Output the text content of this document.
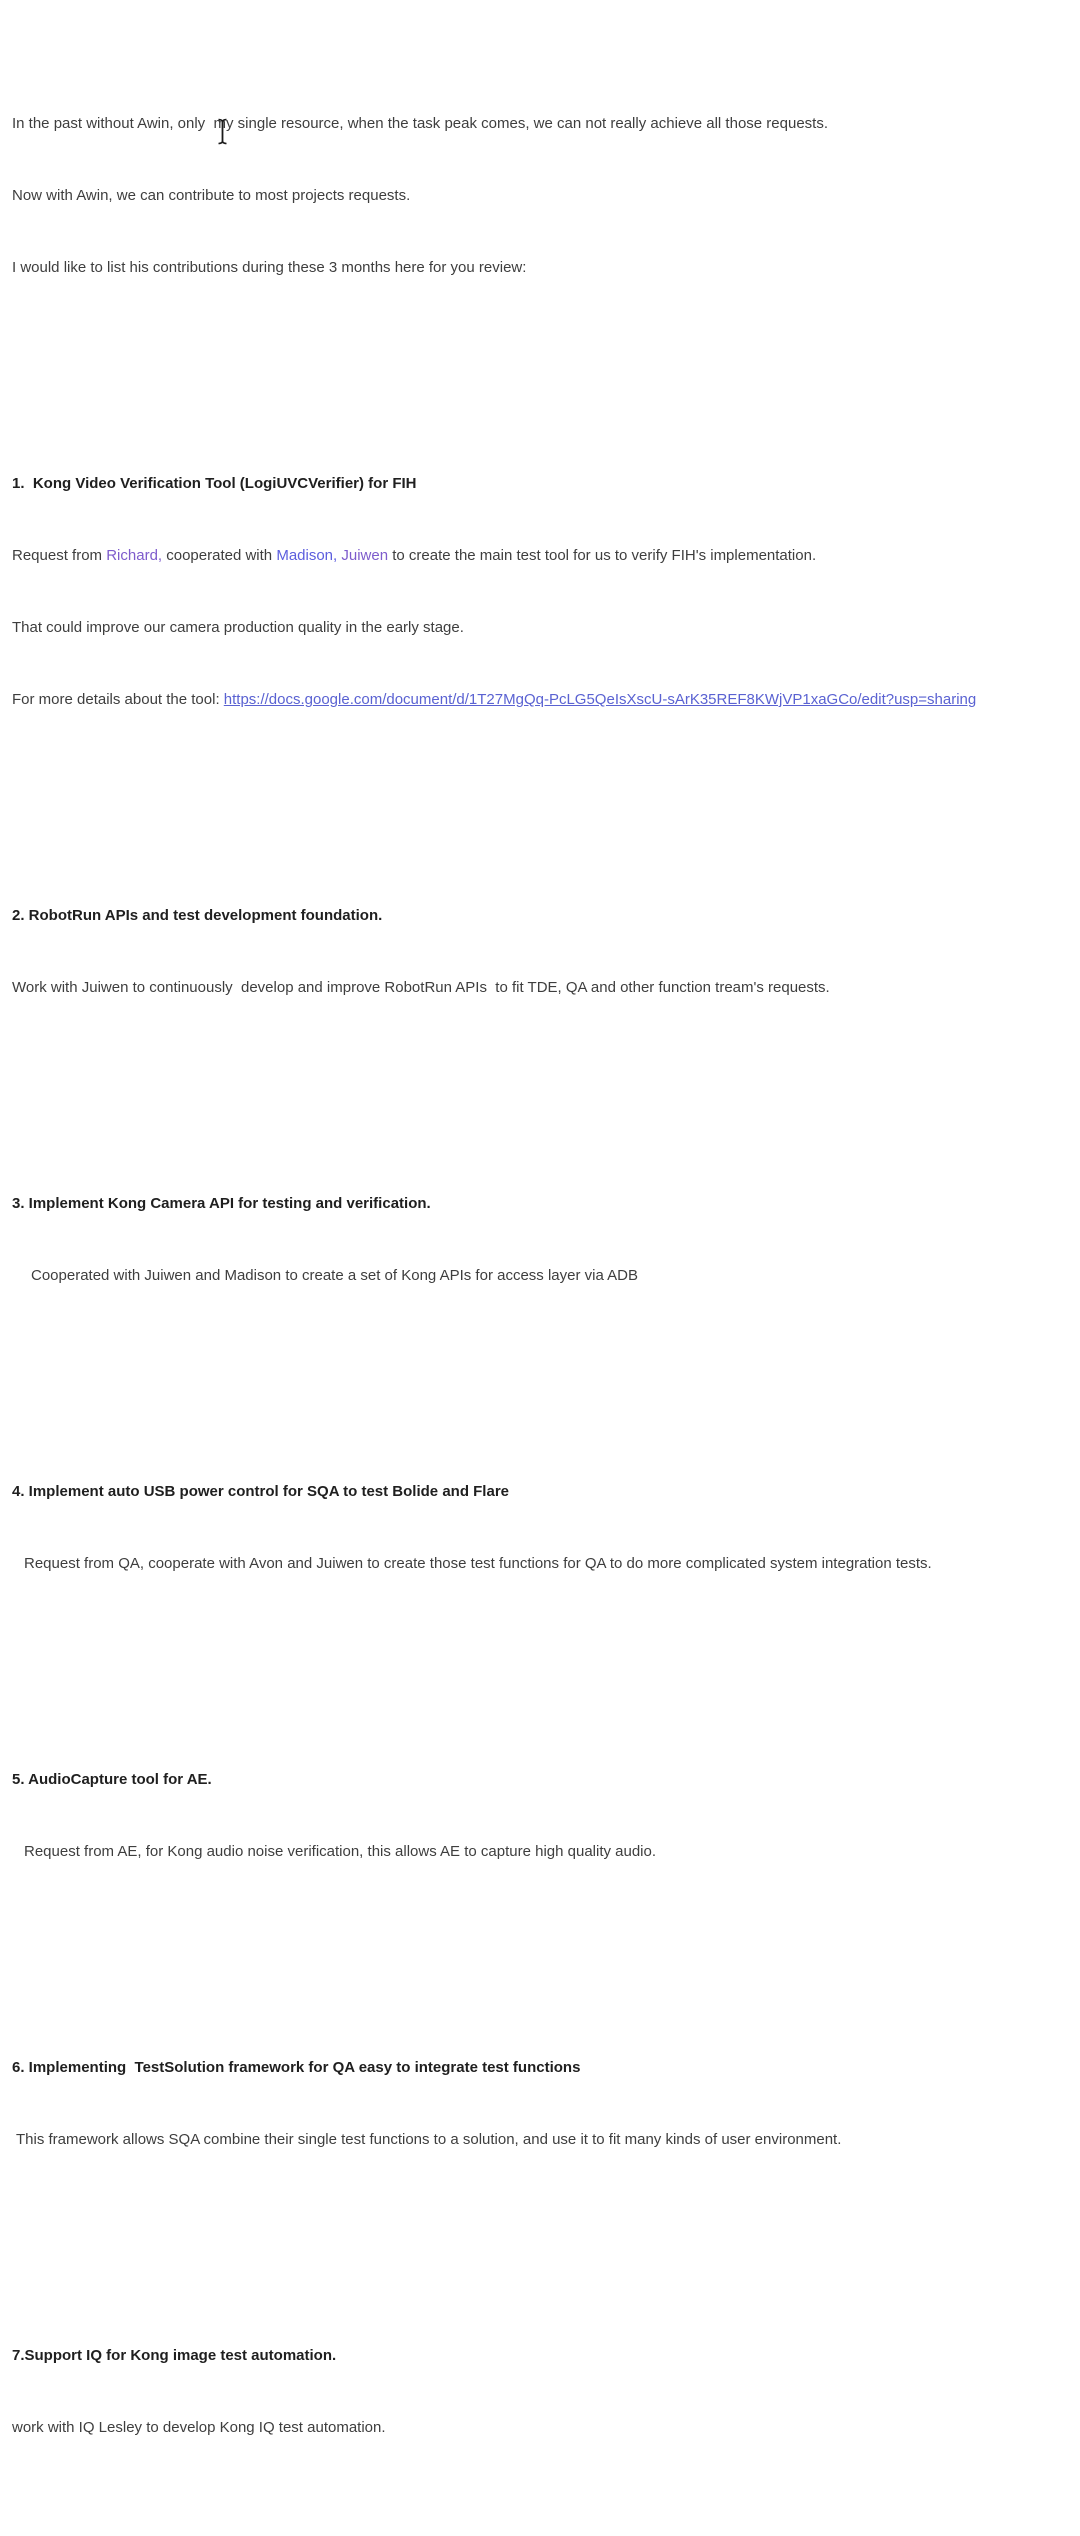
In the past without Awin, only  my single resource, when the task peak comes, we can not really achieve all those requests.

Now with Awin, we can contribute to most projects requests.

I would like to list his contributions during these 3 months here for you review:

1.  Kong Video Verification Tool (LogiUVCVerifier) for FIH

Request from Richard, cooperated with Madison, Juiwen to create the main test tool for us to verify FIH's implementation.

That could improve our camera production quality in the early stage.

For more details about the tool: https://docs.google.com/document/d/1T27MgQq-PcLG5QeIsXscU-sArK35REF8KWjVP1xaGCo/edit?usp=sharing

2. RobotRun APIs and test development foundation.

Work with Juiwen to continuously  develop and improve RobotRun APIs  to fit TDE, QA and other function tream's requests.

3. Implement Kong Camera API for testing and verification.

Cooperated with Juiwen and Madison to create a set of Kong APIs for access layer via ADB

4. Implement auto USB power control for SQA to test Bolide and Flare

Request from QA, cooperate with Avon and Juiwen to create those test functions for QA to do more complicated system integration tests.

5. AudioCapture tool for AE.

Request from AE, for Kong audio noise verification, this allows AE to capture high quality audio.

6. Implementing  TestSolution framework for QA easy to integrate test functions

This framework allows SQA combine their single test functions to a solution, and use it to fit many kinds of user environment.

7.Support IQ for Kong image test automation.

work with IQ Lesley to develop Kong IQ test automation.
